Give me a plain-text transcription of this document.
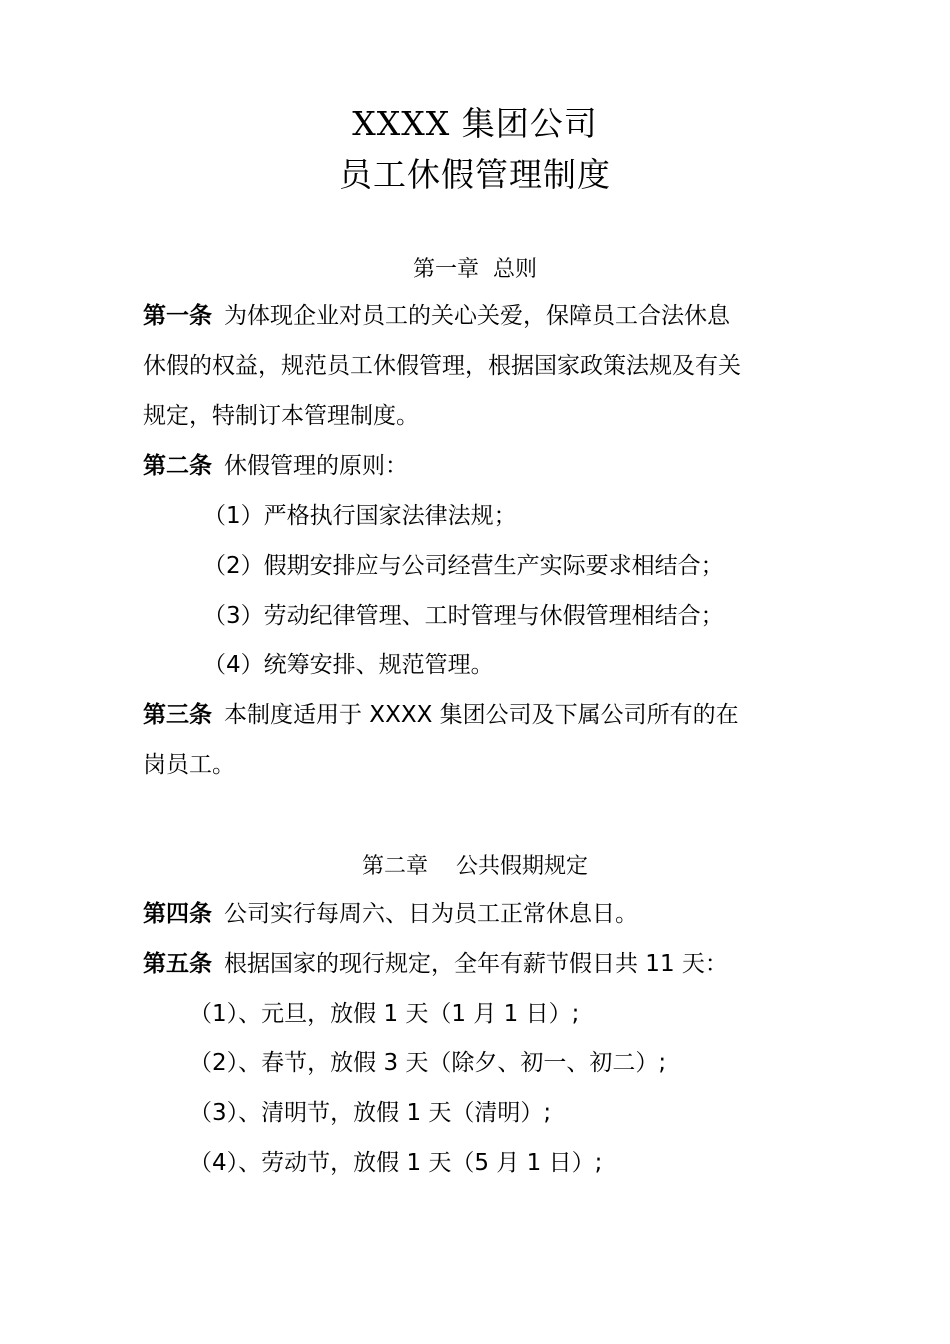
XXXX 集团公司
员工休假管理制度
第一章  总则
第一条 为体现企业对员工的关心关爱，保障员工合法休息
休假的权益，规范员工休假管理，根据国家政策法规及有关
规定，特制订本管理制度。
第二条 休假管理的原则：
（1）严格执行国家法律法规；
（2）假期安排应与公司经营生产实际要求相结合；
（3）劳动纪律管理、工时管理与休假管理相结合；
（4）统筹安排、规范管理。
第三条 本制度适用于 XXXX 集团公司及下属公司所有的在
岗员工。
第二章    公共假期规定
第四条 公司实行每周六、日为员工正常休息日。
第五条 根据国家的现行规定，全年有薪节假日共 11 天：
（1）、元旦，放假 1 天（1 月 1 日）;
（2）、春节，放假 3 天（除夕、初一、初二）;
（3）、清明节，放假 1 天（清明）;
（4）、劳动节，放假 1 天（5 月 1 日）;
